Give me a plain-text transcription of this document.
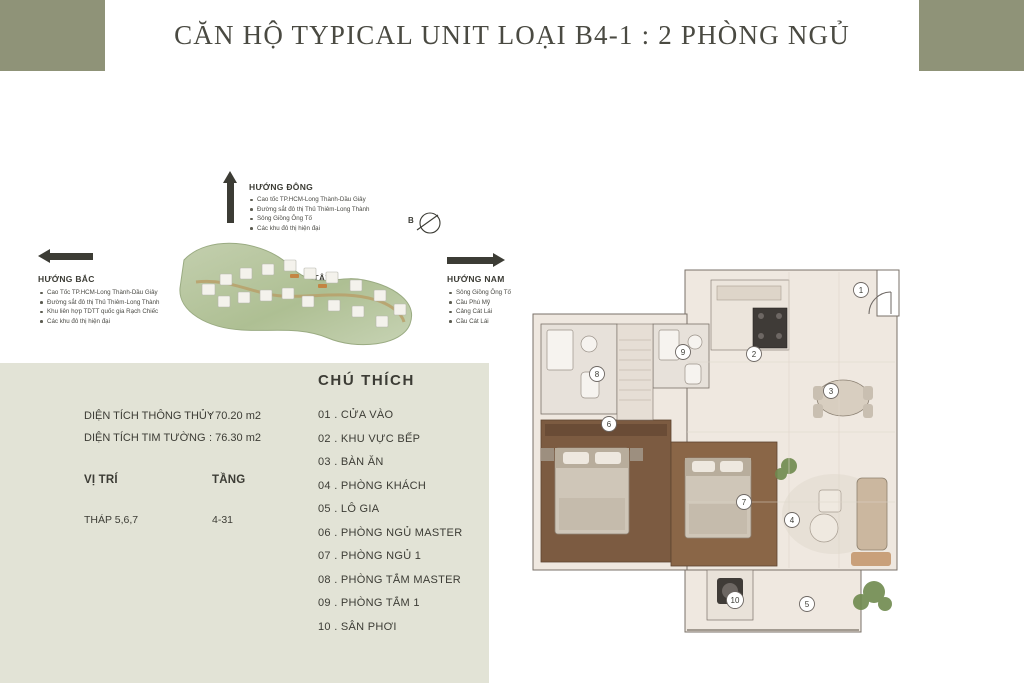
CĂN HỘ TYPICAL UNIT LOẠI B4-1 : 2 PHÒNG NGỦ
B
HƯỚNG ĐÔNG
Cao tốc TP.HCM-Long Thành-Dầu Giây
Đường sắt đô thị Thủ Thiêm-Long Thành
Sông Giồng Ông Tố
Các khu đô thị hiện đại
HƯỚNG BẮC
Cao Tốc TP.HCM-Long Thành-Dầu Giây
Đường sắt đô thị Thủ Thiêm-Long Thành
Khu liên hợp TDTT quốc gia Rạch Chiếc
Các khu đô thị hiện đại
HƯỚNG NAM
Sông Giồng Ông Tố
Cầu Phú Mỹ
Cảng Cát Lái
Cầu Cát Lái
DIỆN TÍCH THÔNG THỦY: 70.20 m2
DIỆN TÍCH TIM TƯỜNG : 76.30 m2
VỊ TRÍ
THÁP 5,6,7
TẦNG
4-31
CHÚ THÍCH
01 . CỬA VÀO
02 . KHU VỰC BẾP
03 . BÀN ĂN
04 . PHÒNG KHÁCH
05 . LÔ GIA
06 . PHÒNG NGỦ MASTER
07 . PHÒNG NGỦ 1
08 . PHÒNG TẮM MASTER
09 . PHÒNG TẮM 1
10 . SÂN PHƠI
1
2
3
4
5
6
7
8
9
10
